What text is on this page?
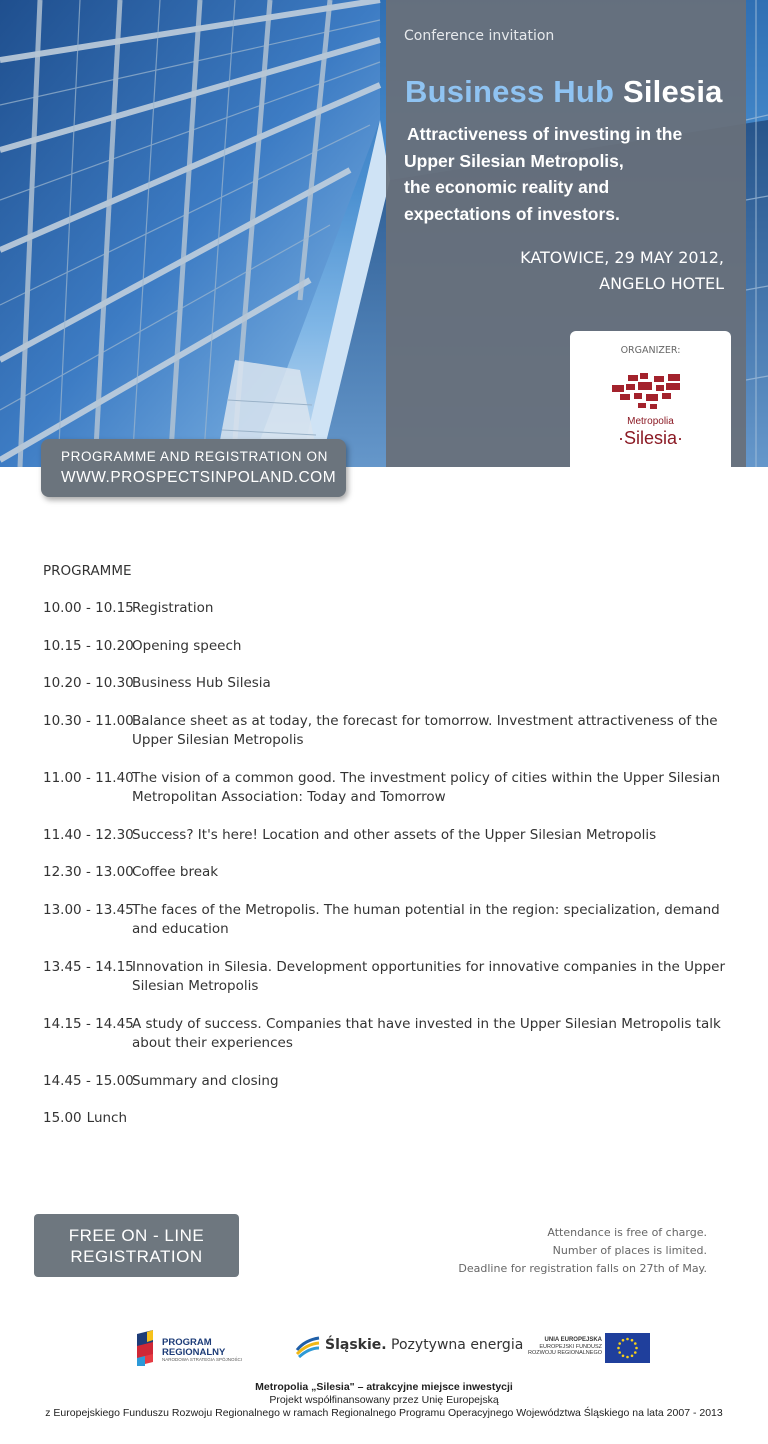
Conference invitation
Business Hub Silesia
Attractiveness of investing in the
Upper Silesian Metropolis,
the economic reality and
expectations of investors.
KATOWICE, 29 MAY 2012,
ANGELO HOTEL
ORGANIZER:
Metropolia
·Silesia·
PROGRAMME AND REGISTRATION ON
WWW.PROSPECTSINPOLAND.COM
PROGRAMME
10.00 - 10.15
Registration
10.15 - 10.20
Opening speech
10.20 - 10.30
Business Hub Silesia
10.30 - 11.00
Balance sheet as at today, the forecast for tomorrow. Investment attractiveness of the Upper Silesian Metropolis
11.00 - 11.40
The vision of a common good. The investment policy of cities within the Upper Silesian Metropolitan Association: Today and Tomorrow
11.40 - 12.30
Success? It's here! Location and other assets of the Upper Silesian Metropolis
12.30 - 13.00
Coffee break
13.00 - 13.45
The faces of the Metropolis. The human potential in the region: specialization, demand and education
13.45 - 14.15
Innovation in Silesia. Development opportunities for innovative companies in the Upper Silesian Metropolis
14.15 - 14.45
A study of success. Companies that have invested in the Upper Silesian Metropolis talk about their experiences
14.45 - 15.00
Summary and closing
15.00 Lunch
FREE ON - LINE
REGISTRATION
Attendance is free of charge.
Number of places is limited.
Deadline for registration falls on 27th of May.
PROGRAM
REGIONALNY
NARODOWA STRATEGIA SPÓJNOŚCI
Śląskie. Pozytywna energia	UNIA EUROPEJSKA
EUROPEJSKI FUNDUSZ
ROZWOJU REGIONALNEGO
Metropolia „Silesia" – atrakcyjne miejsce inwestycji
Projekt współfinansowany przez Unię Europejską
z Europejskiego Funduszu Rozwoju Regionalnego w ramach Regionalnego Programu Operacyjnego Województwa Śląskiego na lata 2007 - 2013
